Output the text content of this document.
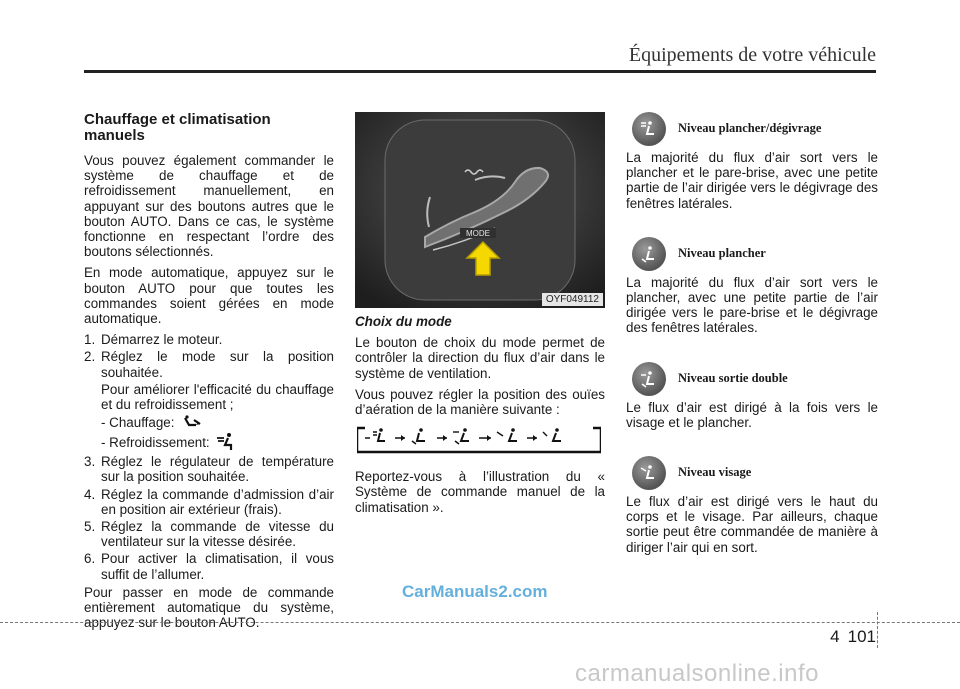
Équipements de votre véhicule
Chauffage et climatisation manuels

Vous pouvez également commander le système de chauffage et de refroidissement manuellement, en appuyant sur des boutons autres que le bouton AUTO. Dans ce cas, le système fonctionne en respectant l’ordre des boutons sélectionnés.

En mode automatique, appuyez sur le bouton AUTO pour que toutes les commandes soient gérées en mode automatique.

1. Démarrez le moteur.
2. Réglez le mode sur la position souhaitée.
Pour améliorer l'efficacité du chauffage et du refroidissement ;
- Chauffage:
- Refroidissement:
3. Réglez le régulateur de température sur la position souhaitée.
4. Réglez la commande d’admission d’air en position air extérieur (frais).
5. Réglez la commande de vitesse du ventilateur sur la vitesse désirée.
6. Pour activer la climatisation, il vous suffit de l’allumer.

Pour passer en mode de commande entièrement automatique du système, appuyez sur le bouton AUTO.

MODE
OYF049112

Choix du mode

Le bouton de choix du mode permet de contrôler la direction du flux d’air dans le système de ventilation.

Vous pouvez régler la position des ouïes d’aération de la manière suivante :

Reportez-vous à l’illustration du « Système de commande manuel de la climatisation ».

Niveau plancher/dégivrage

La majorité du flux d’air sort vers le plancher et le pare-brise, avec une petite partie de l’air dirigée vers le dégivrage des fenêtres latérales.

Niveau plancher

La majorité du flux d’air sort vers le plancher, avec une petite partie de l’air dirigée vers le pare-brise et le dégivrage des fenêtres latérales.

Niveau sortie double

Le flux d’air est dirigé à la fois vers le visage et le plancher.

Niveau visage

Le flux d’air est dirigé vers le haut du corps et le visage. Par ailleurs, chaque sortie peut être commandée de manière à diriger l’air qui en sort.

CarManuals2.com
4 101
carmanualsonline.info
